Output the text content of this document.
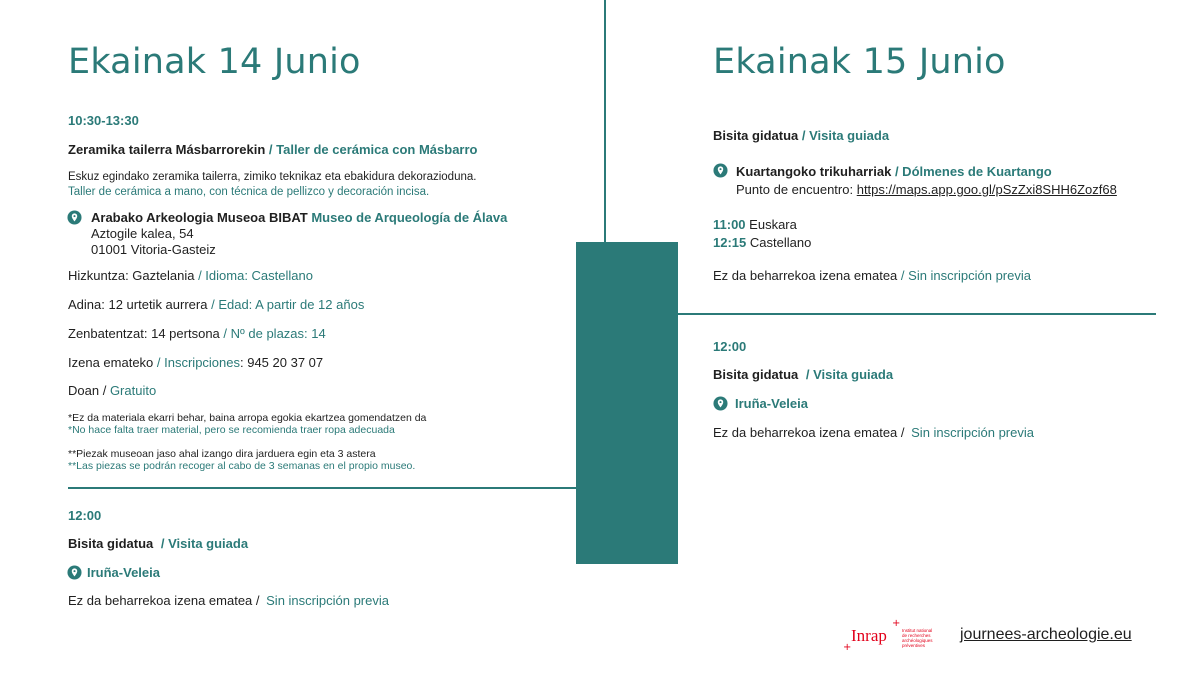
Ekainak 14 Junio
10:30-13:30
Zeramika tailerra Másbarrorekin / Taller de cerámica con Másbarro
Eskuz egindako zeramika tailerra, zimiko teknikaz eta ebakidura dekorazioduna.
Taller de cerámica a mano, con técnica de pellizco y decoración incisa.
Arabako Arkeologia Museoa BIBAT Museo de Arqueología de Álava
Aztogile kalea, 54
01001 Vitoria-Gasteiz
Hizkuntza: Gaztelania / Idioma: Castellano
Adina: 12 urtetik aurrera / Edad: A partir de 12 años
Zenbatentzat: 14 pertsona / Nº de plazas: 14
Izena emateko / Inscripciones: 945 20 37 07
Doan / Gratuito
*Ez da materiala ekarri behar, baina arropa egokia ekartzea gomendatzen da
*No hace falta traer material, pero se recomienda traer ropa adecuada
**Piezak museoan jaso ahal izango dira jarduera egin eta 3 astera
**Las piezas se podrán recoger al cabo de 3 semanas en el propio museo.
12:00
Bisita gidatua / Visita guiada
Iruña-Veleia
Ez da beharrekoa izena ematea / Sin inscripción previa
Ekainak 15 Junio
Bisita gidatua / Visita guiada
Kuartangoko trikuharriak / Dólmenes de Kuartango
Punto de encuentro: https://maps.app.goo.gl/pSzZxi8SHH6Zozf68
11:00 Euskara
12:15 Castellano
Ez da beharrekoa izena ematea / Sin inscripción previa
12:00
Bisita gidatua / Visita guiada
Iruña-Veleia
Ez da beharrekoa izena ematea / Sin inscripción previa
+
Inrap
+
Institut national
de recherches
archéologiques
préventives
journees-archeologie.eu
